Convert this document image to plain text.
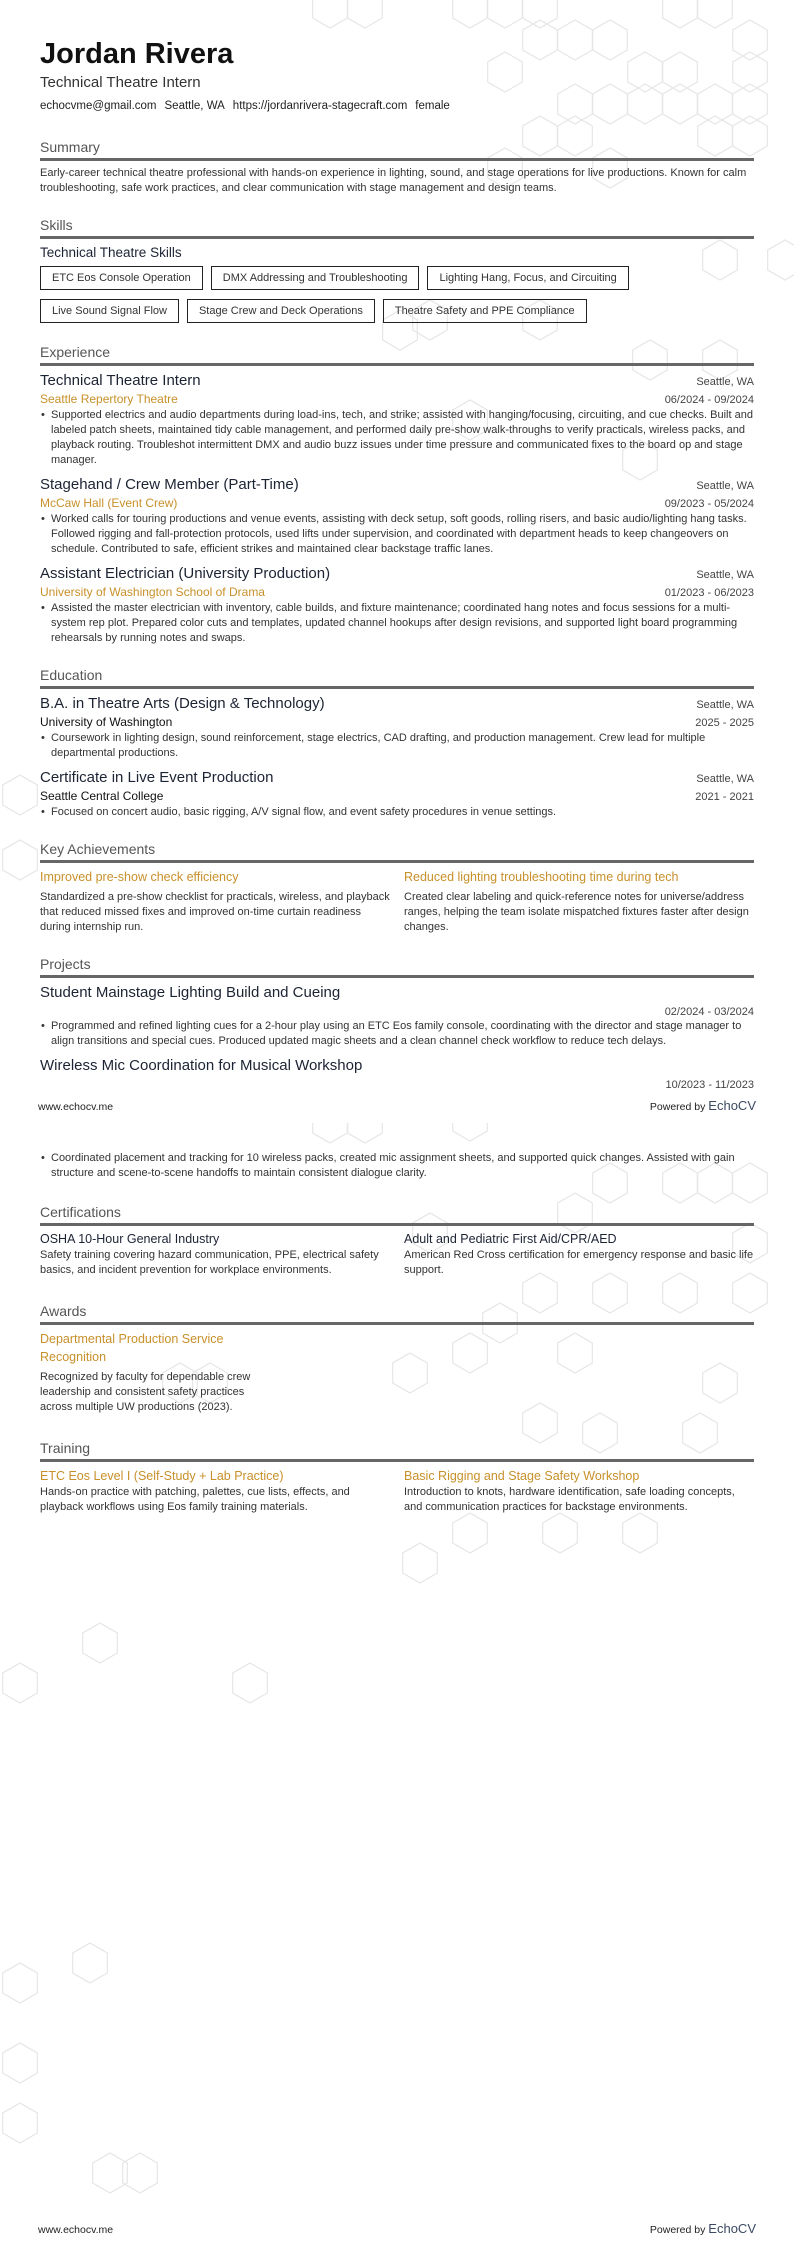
Jordan Rivera
Technical Theatre Intern
echocvme@gmail.com Seattle, WA https://jordanrivera-stagecraft.com female
Summary
Early-career technical theatre professional with hands-on experience in lighting, sound, and stage operations for live productions. Known for calm troubleshooting, safe work practices, and clear communication with stage management and design teams.
Skills
Technical Theatre Skills
ETC Eos Console Operation	DMX Addressing and Troubleshooting	Lighting Hang, Focus, and Circuiting
Live Sound Signal Flow	Stage Crew and Deck Operations	Theatre Safety and PPE Compliance
Experience
Technical Theatre Intern	Seattle, WA
Seattle Repertory Theatre	06/2024 - 09/2024
• Supported electrics and audio departments during load-ins, tech, and strike; assisted with hanging/focusing, circuiting, and cue checks. Built and labeled patch sheets, maintained tidy cable management, and performed daily pre-show walk-throughs to verify practicals, wireless packs, and playback routing. Troubleshot intermittent DMX and audio buzz issues under time pressure and communicated fixes to the board op and stage manager.
Stagehand / Crew Member (Part-Time)	Seattle, WA
McCaw Hall (Event Crew)	09/2023 - 05/2024
• Worked calls for touring productions and venue events, assisting with deck setup, soft goods, rolling risers, and basic audio/lighting hang tasks. Followed rigging and fall-protection protocols, used lifts under supervision, and coordinated with department heads to keep changeovers on schedule. Contributed to safe, efficient strikes and maintained clear backstage traffic lanes.
Assistant Electrician (University Production)	Seattle, WA
University of Washington School of Drama	01/2023 - 06/2023
• Assisted the master electrician with inventory, cable builds, and fixture maintenance; coordinated hang notes and focus sessions for a multi-system rep plot. Prepared color cuts and templates, updated channel hookups after design revisions, and supported light board programming rehearsals by running notes and swaps.
Education
B.A. in Theatre Arts (Design & Technology)	Seattle, WA
University of Washington	2025 - 2025
• Coursework in lighting design, sound reinforcement, stage electrics, CAD drafting, and production management. Crew lead for multiple departmental productions.
Certificate in Live Event Production	Seattle, WA
Seattle Central College	2021 - 2021
• Focused on concert audio, basic rigging, A/V signal flow, and event safety procedures in venue settings.
Key Achievements
Improved pre-show check efficiency
Standardized a pre-show checklist for practicals, wireless, and playback that reduced missed fixes and improved on-time curtain readiness during internship run.
Reduced lighting troubleshooting time during tech
Created clear labeling and quick-reference notes for universe/address ranges, helping the team isolate mispatched fixtures faster after design changes.
Projects
Student Mainstage Lighting Build and Cueing
02/2024 - 03/2024
• Programmed and refined lighting cues for a 2-hour play using an ETC Eos family console, coordinating with the director and stage manager to align transitions and special cues. Produced updated magic sheets and a clean channel check workflow to reduce tech delays.
Wireless Mic Coordination for Musical Workshop
10/2023 - 11/2023
www.echocv.me	Powered by EchoCV
• Coordinated placement and tracking for 10 wireless packs, created mic assignment sheets, and supported quick changes. Assisted with gain structure and scene-to-scene handoffs to maintain consistent dialogue clarity.
Certifications
OSHA 10-Hour General Industry
Safety training covering hazard communication, PPE, electrical safety basics, and incident prevention for workplace environments.
Adult and Pediatric First Aid/CPR/AED
American Red Cross certification for emergency response and basic life support.
Awards
Departmental Production Service Recognition
Recognized by faculty for dependable crew leadership and consistent safety practices across multiple UW productions (2023).
Training
ETC Eos Level I (Self-Study + Lab Practice)
Hands-on practice with patching, palettes, cue lists, effects, and playback workflows using Eos family training materials.
Basic Rigging and Stage Safety Workshop
Introduction to knots, hardware identification, safe loading concepts, and communication practices for backstage environments.
www.echocv.me	Powered by EchoCV
